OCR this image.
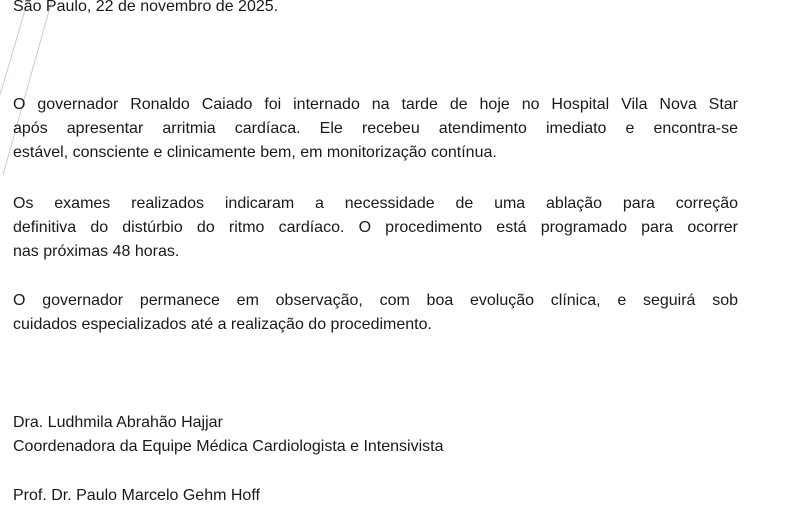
São Paulo, 22 de novembro de 2025.
O governador Ronaldo Caiado foi internado na tarde de hoje no Hospital Vila Nova Star
após apresentar arritmia cardíaca. Ele recebeu atendimento imediato e encontra-se
estável, consciente e clinicamente bem, em monitorização contínua.
Os exames realizados indicaram a necessidade de uma ablação para correção
definitiva do distúrbio do ritmo cardíaco. O procedimento está programado para ocorrer
nas próximas 48 horas.
O governador permanece em observação, com boa evolução clínica, e seguirá sob
cuidados especializados até a realização do procedimento.
Dra. Ludhmila Abrahão Hajjar
Coordenadora da Equipe Médica Cardiologista e Intensivista
Prof. Dr. Paulo Marcelo Gehm Hoff
